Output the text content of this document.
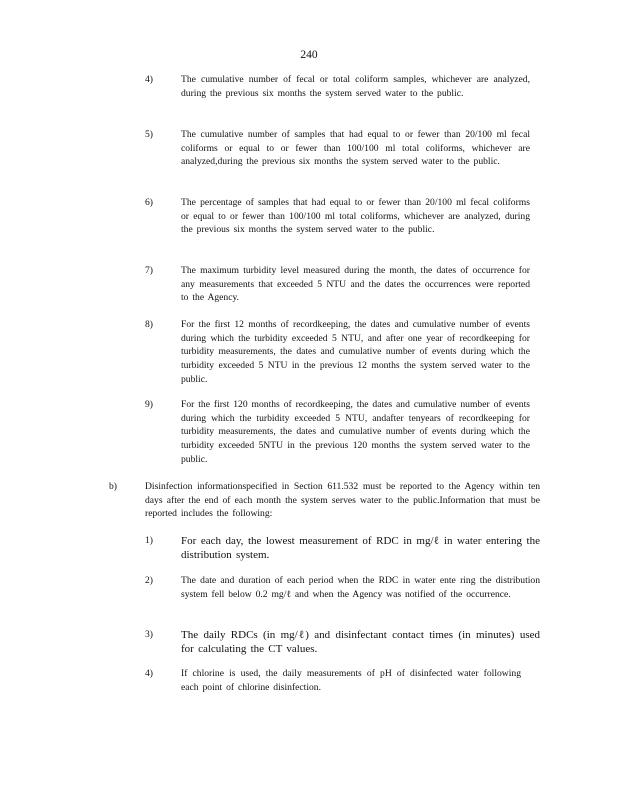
240
4)	The cumulative number of fecal or total coliform samples, whichever are analyzed, during the previous six months the system served water to the public.
5)	The cumulative number of samples that had equal to or fewer than 20/100 ml fecal coliforms or equal to or fewer than 100/100 ml total coliforms, whichever are analyzed,during the previous six months the system served water to the public.
6)	The percentage of samples that had equal to or fewer than 20/100 ml fecal coliforms or equal to or fewer than 100/100 ml total coliforms, whichever are analyzed, during the previous six months the system served water to the public.
7)	The maximum turbidity level measured during the month, the dates of occurrence for any measurements that exceeded 5 NTU and the dates the occurrences were reported to the Agency.
8)	For the first 12 months of recordkeeping, the dates and cumulative number of events during which the turbidity exceeded 5 NTU, and after one year of recordkeeping for turbidity measurements, the dates and cumulative number of events during which the turbidity exceeded 5 NTU in the previous 12 months the system served water to the public.
9)	For the first 120 months of recordkeeping, the dates and cumulative number of events during which the turbidity exceeded 5 NTU, andafter tenyears of recordkeeping for turbidity measurements, the dates and cumulative number of events during which the turbidity exceeded 5NTU in the previous 120 months the system served water to the public.
b)	Disinfection informationspecified in Section 611.532 must be reported to the Agency within ten days after the end of each month the system serves water to the public.Information that must be reported includes the following:
1)	For each day, the lowest measurement of RDC in mg/ℓ in water entering the distribution system.
2)	The date and duration of each period when the RDC in water ente ring the distribution system fell below 0.2 mg/ℓ and when the Agency was notified of the occurrence.
3)	The daily RDCs (in mg/ℓ) and disinfectant contact times (in minutes) used for calculating the CT values.
4)	If chlorine is used, the daily measurements of pH of disinfected water following each point of chlorine disinfection.
